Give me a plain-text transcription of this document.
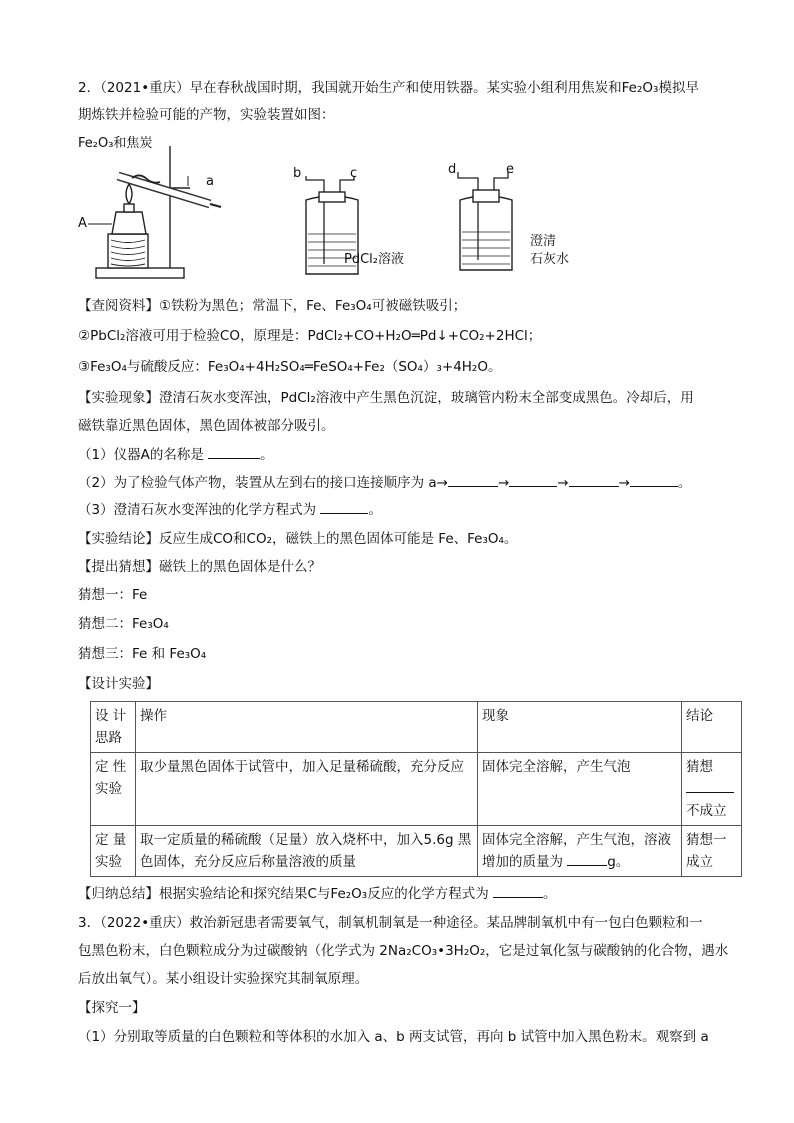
2．（2021•重庆）早在春秋战国时期，我国就开始生产和使用铁器。某实验小组利用焦炭和Fe₂O₃模拟早
期炼铁并检验可能的产物，实验装置如图：
Fe₂O₃和焦炭
a
A
b	c
PdCl₂溶液
d	e
澄清
石灰水
【查阅资料】①铁粉为黑色；常温下，Fe、Fe₃O₄可被磁铁吸引；
②PbCl₂溶液可用于检验CO，原理是：PdCl₂+CO+H₂O═Pd↓+CO₂+2HCl；
③Fe₃O₄与硫酸反应：Fe₃O₄+4H₂SO₄═FeSO₄+Fe₂（SO₄）₃+4H₂O。
【实验现象】澄清石灰水变浑浊，PdCl₂溶液中产生黑色沉淀，玻璃管内粉末全部变成黑色。冷却后，用
磁铁靠近黑色固体，黑色固体被部分吸引。
（1）仪器A的名称是	。
（2）为了检验气体产物，装置从左到右的接口连接顺序为 a→	→	→	→	。
（3）澄清石灰水变浑浊的化学方程式为	。
【实验结论】反应生成CO和CO₂，磁铁上的黑色固体可能是 Fe、Fe₃O₄。
【提出猜想】磁铁上的黑色固体是什么？
猜想一：Fe
猜想二：Fe₃O₄
猜想三：Fe 和 Fe₃O₄
【设计实验】
设 计思路	操作	现象	结论
定 性实验	取少量黑色固体于试管中，加入足量稀硫酸，充分反应	固体完全溶解，产生气泡	猜想 不成立
定 量实验	取一定质量的稀硫酸（足量）放入烧杯中，加入5.6g 黑色固体，充分反应后称量溶液的质量	固体完全溶解，产生气泡，溶液增加的质量为 g。	猜想一成立
【归纳总结】根据实验结论和探究结果C与Fe₂O₃反应的化学方程式为	。
3．（2022•重庆）救治新冠患者需要氧气，制氧机制氧是一种途径。某品牌制氧机中有一包白色颗粒和一
包黑色粉末，白色颗粒成分为过碳酸钠（化学式为 2Na₂CO₃•3H₂O₂，它是过氧化氢与碳酸钠的化合物，遇水
后放出氧气）。某小组设计实验探究其制氧原理。
【探究一】
（1）分别取等质量的白色颗粒和等体积的水加入 a、b 两支试管，再向 b 试管中加入黑色粉末。观察到 a
